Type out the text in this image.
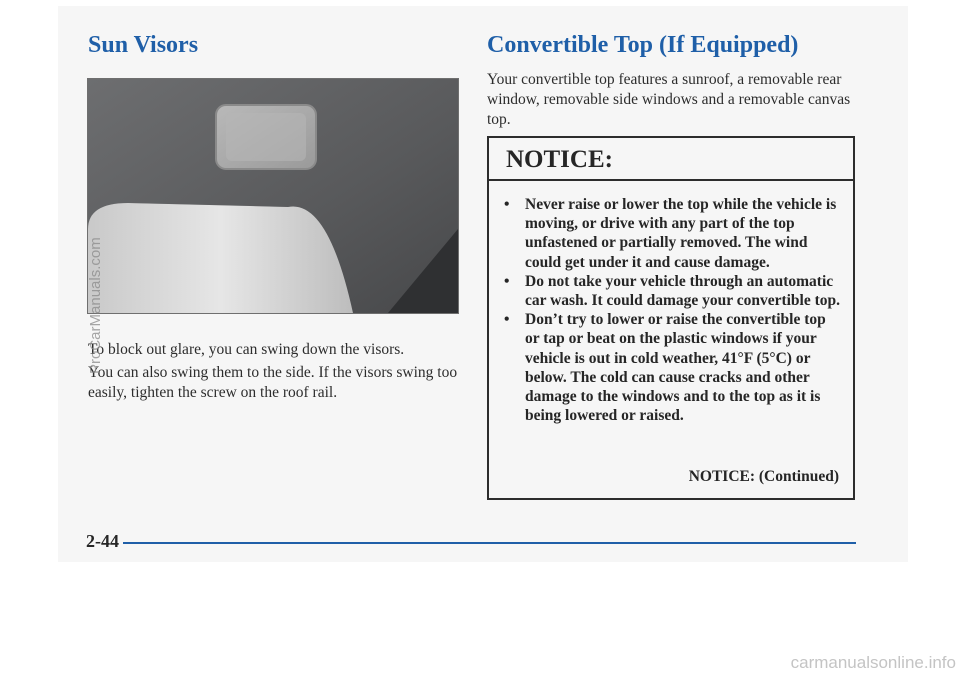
Sun Visors

To block out glare, you can swing down the visors.

You can also swing them to the side. If the visors swing too easily, tighten the screw on the roof rail.

Convertible Top (If Equipped)

Your convertible top features a sunroof, a removable rear window, removable side windows and a removable canvas top.

NOTICE:
• Never raise or lower the top while the vehicle is moving, or drive with any part of the top unfastened or partially removed. The wind could get under it and cause damage.
• Do not take your vehicle through an automatic car wash. It could damage your convertible top.
• Don’t try to lower or raise the convertible top or tap or beat on the plastic windows if your vehicle is out in cold weather, 41°F (5°C) or below. The cold can cause cracks and other damage to the windows and to the top as it is being lowered or raised.
NOTICE: (Continued)
2-44
ProCarManuals.com
carmanualsonline.info
